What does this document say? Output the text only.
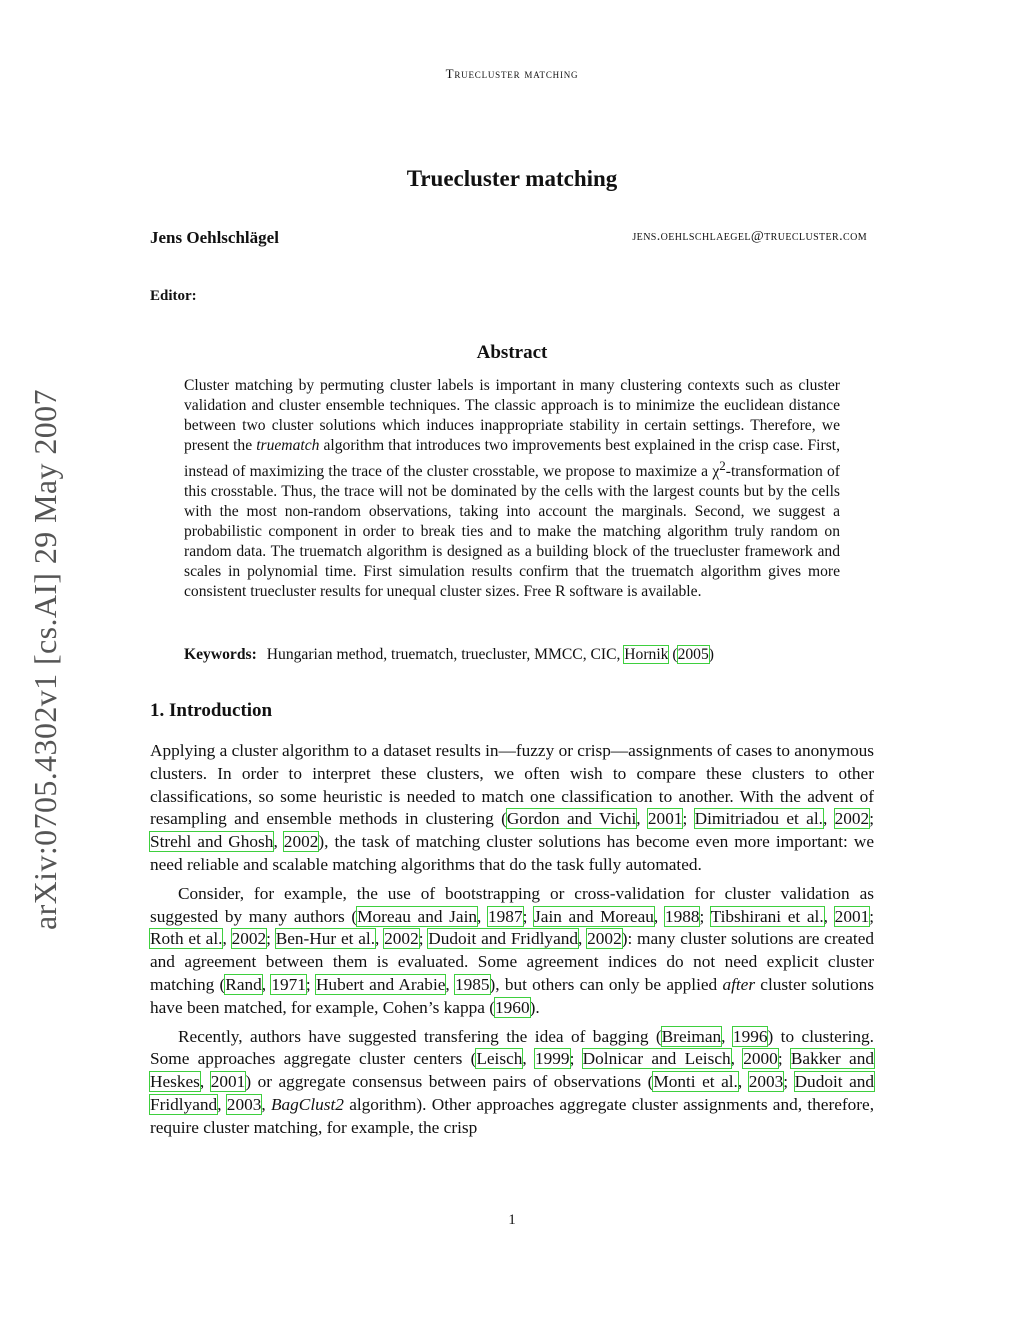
Truecluster matching
arXiv:0705.4302v1 [cs.AI] 29 May 2007
Truecluster matching
Jens Oehlschlägel	jens.oehlschlaegel@truecluster.com
Editor:
Abstract
Cluster matching by permuting cluster labels is important in many clustering contexts such as cluster validation and cluster ensemble techniques. The classic approach is to minimize the euclidean distance between two cluster solutions which induces inappropriate stability in certain settings. Therefore, we present the truematch algorithm that introduces two improvements best explained in the crisp case. First, instead of maximizing the trace of the cluster crosstable, we propose to maximize a $\chi^2$-transformation of this crosstable. Thus, the trace will not be dominated by the cells with the largest counts but by the cells with the most non-random observations, taking into account the marginals. Second, we suggest a probabilistic component in order to break ties and to make the matching algorithm truly random on random data. The truematch algorithm is designed as a building block of the truecluster framework and scales in polynomial time. First simulation results confirm that the truematch algorithm gives more consistent truecluster results for unequal cluster sizes. Free R software is available.
Keywords: Hungarian method, truematch, truecluster, MMCC, CIC, Hornik (2005)
1. Introduction

Applying a cluster algorithm to a dataset results in—fuzzy or crisp—assignments of cases to anonymous clusters. In order to interpret these clusters, we often wish to compare these clusters to other classifications, so some heuristic is needed to match one classification to another. With the advent of resampling and ensemble methods in clustering (Gordon and Vichi, 2001; Dimitriadou et al., 2002; Strehl and Ghosh, 2002), the task of matching cluster solutions has become even more important: we need reliable and scalable matching algorithms that do the task fully automated.

Consider, for example, the use of bootstrapping or cross-validation for cluster validation as suggested by many authors (Moreau and Jain, 1987; Jain and Moreau, 1988; Tibshirani et al., 2001; Roth et al., 2002; Ben-Hur et al., 2002; Dudoit and Fridlyand, 2002): many cluster solutions are created and agreement between them is evaluated. Some agreement indices do not need explicit cluster matching (Rand, 1971; Hubert and Arabie, 1985), but others can only be applied after cluster solutions have been matched, for example, Cohen’s kappa (1960).

Recently, authors have suggested transfering the idea of bagging (Breiman, 1996) to clustering. Some approaches aggregate cluster centers (Leisch, 1999; Dolnicar and Leisch, 2000; Bakker and Heskes, 2001) or aggregate consensus between pairs of observations (Monti et al., 2003; Dudoit and Fridlyand, 2003, BagClust2 algorithm). Other approaches aggregate cluster assignments and, therefore, require cluster matching, for example, the crisp

1
